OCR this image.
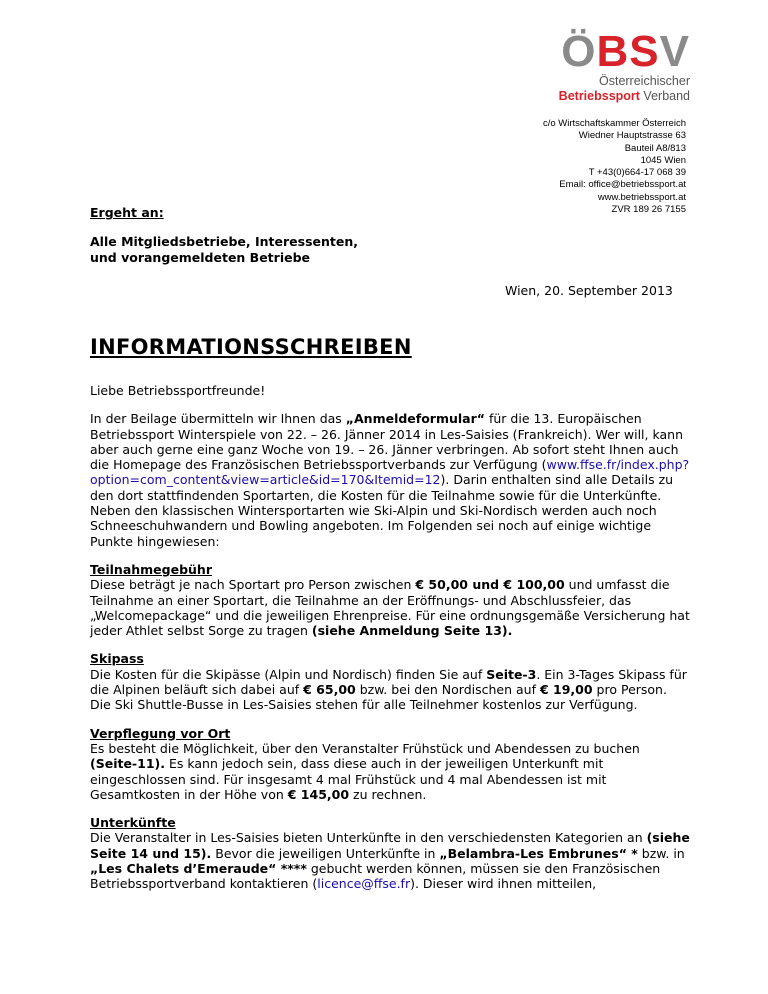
ÖBSV
Österreichischer
Betriebssport Verband
c/o Wirtschaftskammer Österreich
Wiedner Hauptstrasse 63
Bauteil A8/813
1045 Wien
T +43(0)664-17 068 39
Email: office@betriebssport.at
www.betriebssport.at
ZVR 189 26 7155
Ergeht an:
Alle Mitgliedsbetriebe, Interessenten,
und vorangemeldeten Betriebe
Wien, 20. September 2013
INFORMATIONSSCHREIBEN

Liebe Betriebssportfreunde!

In der Beilage übermitteln wir Ihnen das „Anmeldeformular“ für die 13. Europäischen Betriebssport Winterspiele von 22. – 26. Jänner 2014 in Les-Saisies (Frankreich). Wer will, kann aber auch gerne eine ganz Woche von 19. – 26. Jänner verbringen. Ab sofort steht Ihnen auch die Homepage des Französischen Betriebssportverbands zur Verfügung (www.ffse.fr/index.php?option=com_content&view=article&id=170&Itemid=12). Darin enthalten sind alle Details zu den dort stattfindenden Sportarten, die Kosten für die Teilnahme sowie für die Unterkünfte. Neben den klassischen Wintersportarten wie Ski-Alpin und Ski-Nordisch werden auch noch Schneeschuhwandern und Bowling angeboten. Im Folgenden sei noch auf einige wichtige Punkte hingewiesen:

Teilnahmegebühr
Diese beträgt je nach Sportart pro Person zwischen € 50,00 und € 100,00 und umfasst die Teilnahme an einer Sportart, die Teilnahme an der Eröffnungs- und Abschlussfeier, das „Welcomepackage“ und die jeweiligen Ehrenpreise. Für eine ordnungsgemäße Versicherung hat jeder Athlet selbst Sorge zu tragen (siehe Anmeldung Seite 13).

Skipass
Die Kosten für die Skipässe (Alpin und Nordisch) finden Sie auf Seite-3. Ein 3-Tages Skipass für die Alpinen beläuft sich dabei auf € 65,00 bzw. bei den Nordischen auf € 19,00 pro Person. Die Ski Shuttle-Busse in Les-Saisies stehen für alle Teilnehmer kostenlos zur Verfügung.

Verpflegung vor Ort
Es besteht die Möglichkeit, über den Veranstalter Frühstück und Abendessen zu buchen (Seite-11). Es kann jedoch sein, dass diese auch in der jeweiligen Unterkunft mit eingeschlossen sind. Für insgesamt 4 mal Frühstück und 4 mal Abendessen ist mit Gesamtkosten in der Höhe von € 145,00 zu rechnen.

Unterkünfte
Die Veranstalter in Les-Saisies bieten Unterkünfte in den verschiedensten Kategorien an (siehe Seite 14 und 15). Bevor die jeweiligen Unterkünfte in „Belambra-Les Embrunes“ * bzw. in „Les Chalets d’Emeraude“ **** gebucht werden können, müssen sie den Französischen Betriebssportverband kontaktieren (licence@ffse.fr). Dieser wird ihnen mitteilen,
